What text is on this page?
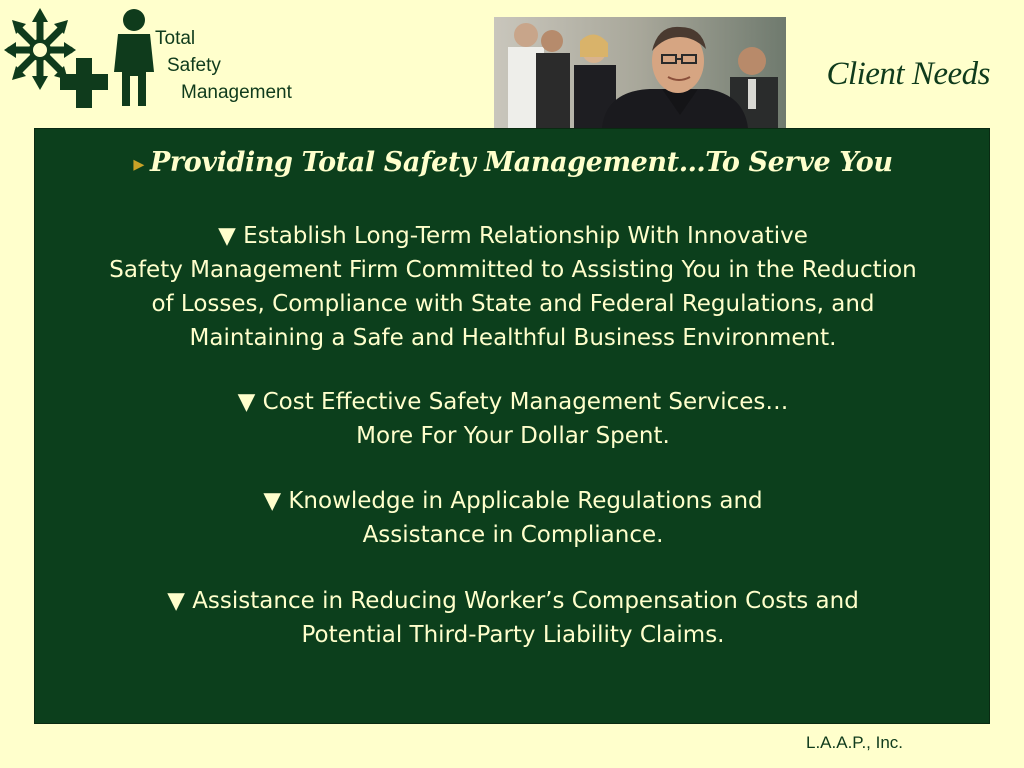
Total
Safety
Management
Client Needs
▸ Providing Total Safety Management…To Serve You
▼ Establish Long-Term Relationship With Innovative
Safety Management Firm Committed to Assisting You in the Reduction
of Losses, Compliance with State and Federal Regulations, and
Maintaining a Safe and Healthful Business Environment.
▼ Cost Effective Safety Management Services…
More For Your Dollar Spent.
▼ Knowledge in Applicable Regulations and
Assistance in Compliance.
▼ Assistance in Reducing Worker’s Compensation Costs and
Potential Third-Party Liability Claims.
L.A.A.P., Inc.
